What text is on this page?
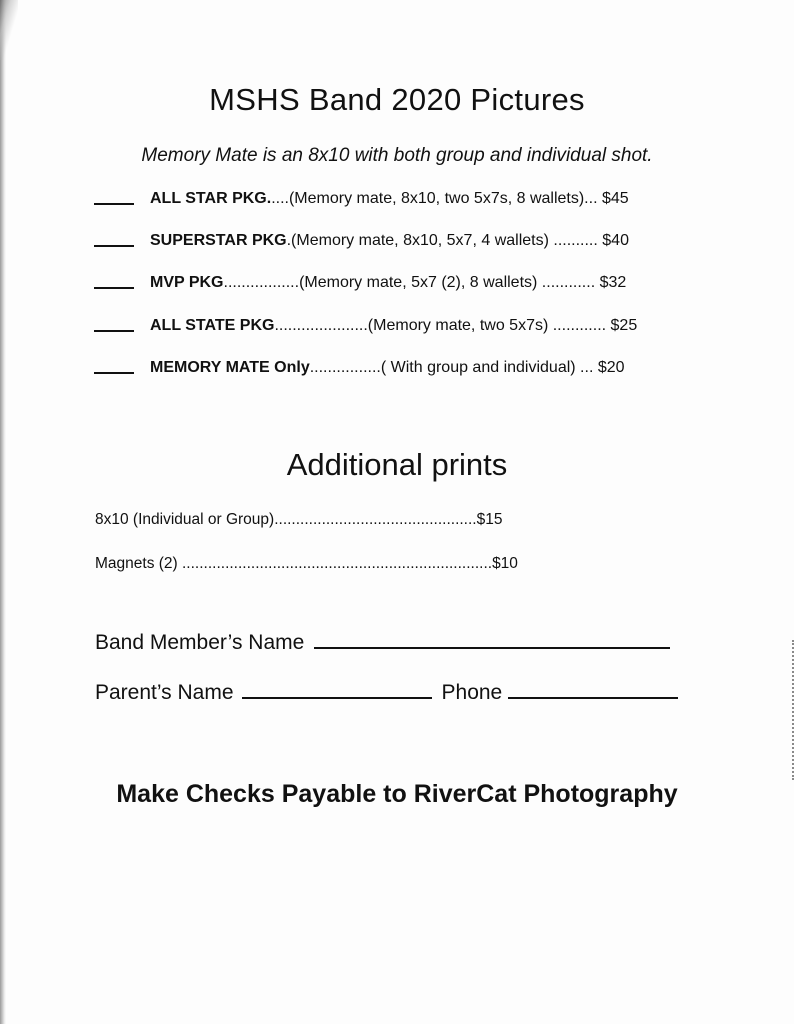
MSHS Band 2020 Pictures
Memory Mate is an 8x10 with both group and individual shot.
ALL STAR PKG. ....(Memory mate, 8x10, two 5x7s, 8 wallets)... $45
SUPERSTAR PKG .(Memory mate, 8x10, 5x7, 4 wallets) .......... $40
MVP PKG .................(Memory mate, 5x7 (2), 8 wallets) ............ $32
ALL STATE PKG .....................(Memory mate, two 5x7s) ............ $25
MEMORY MATE Only ................( With group and individual) ... $20
Additional prints
8x10 (Individual or Group)...............................................$15
Magnets (2) ........................................................................$10
Band Member’s Name
Parent’s Name	Phone
Make Checks Payable to RiverCat Photography
